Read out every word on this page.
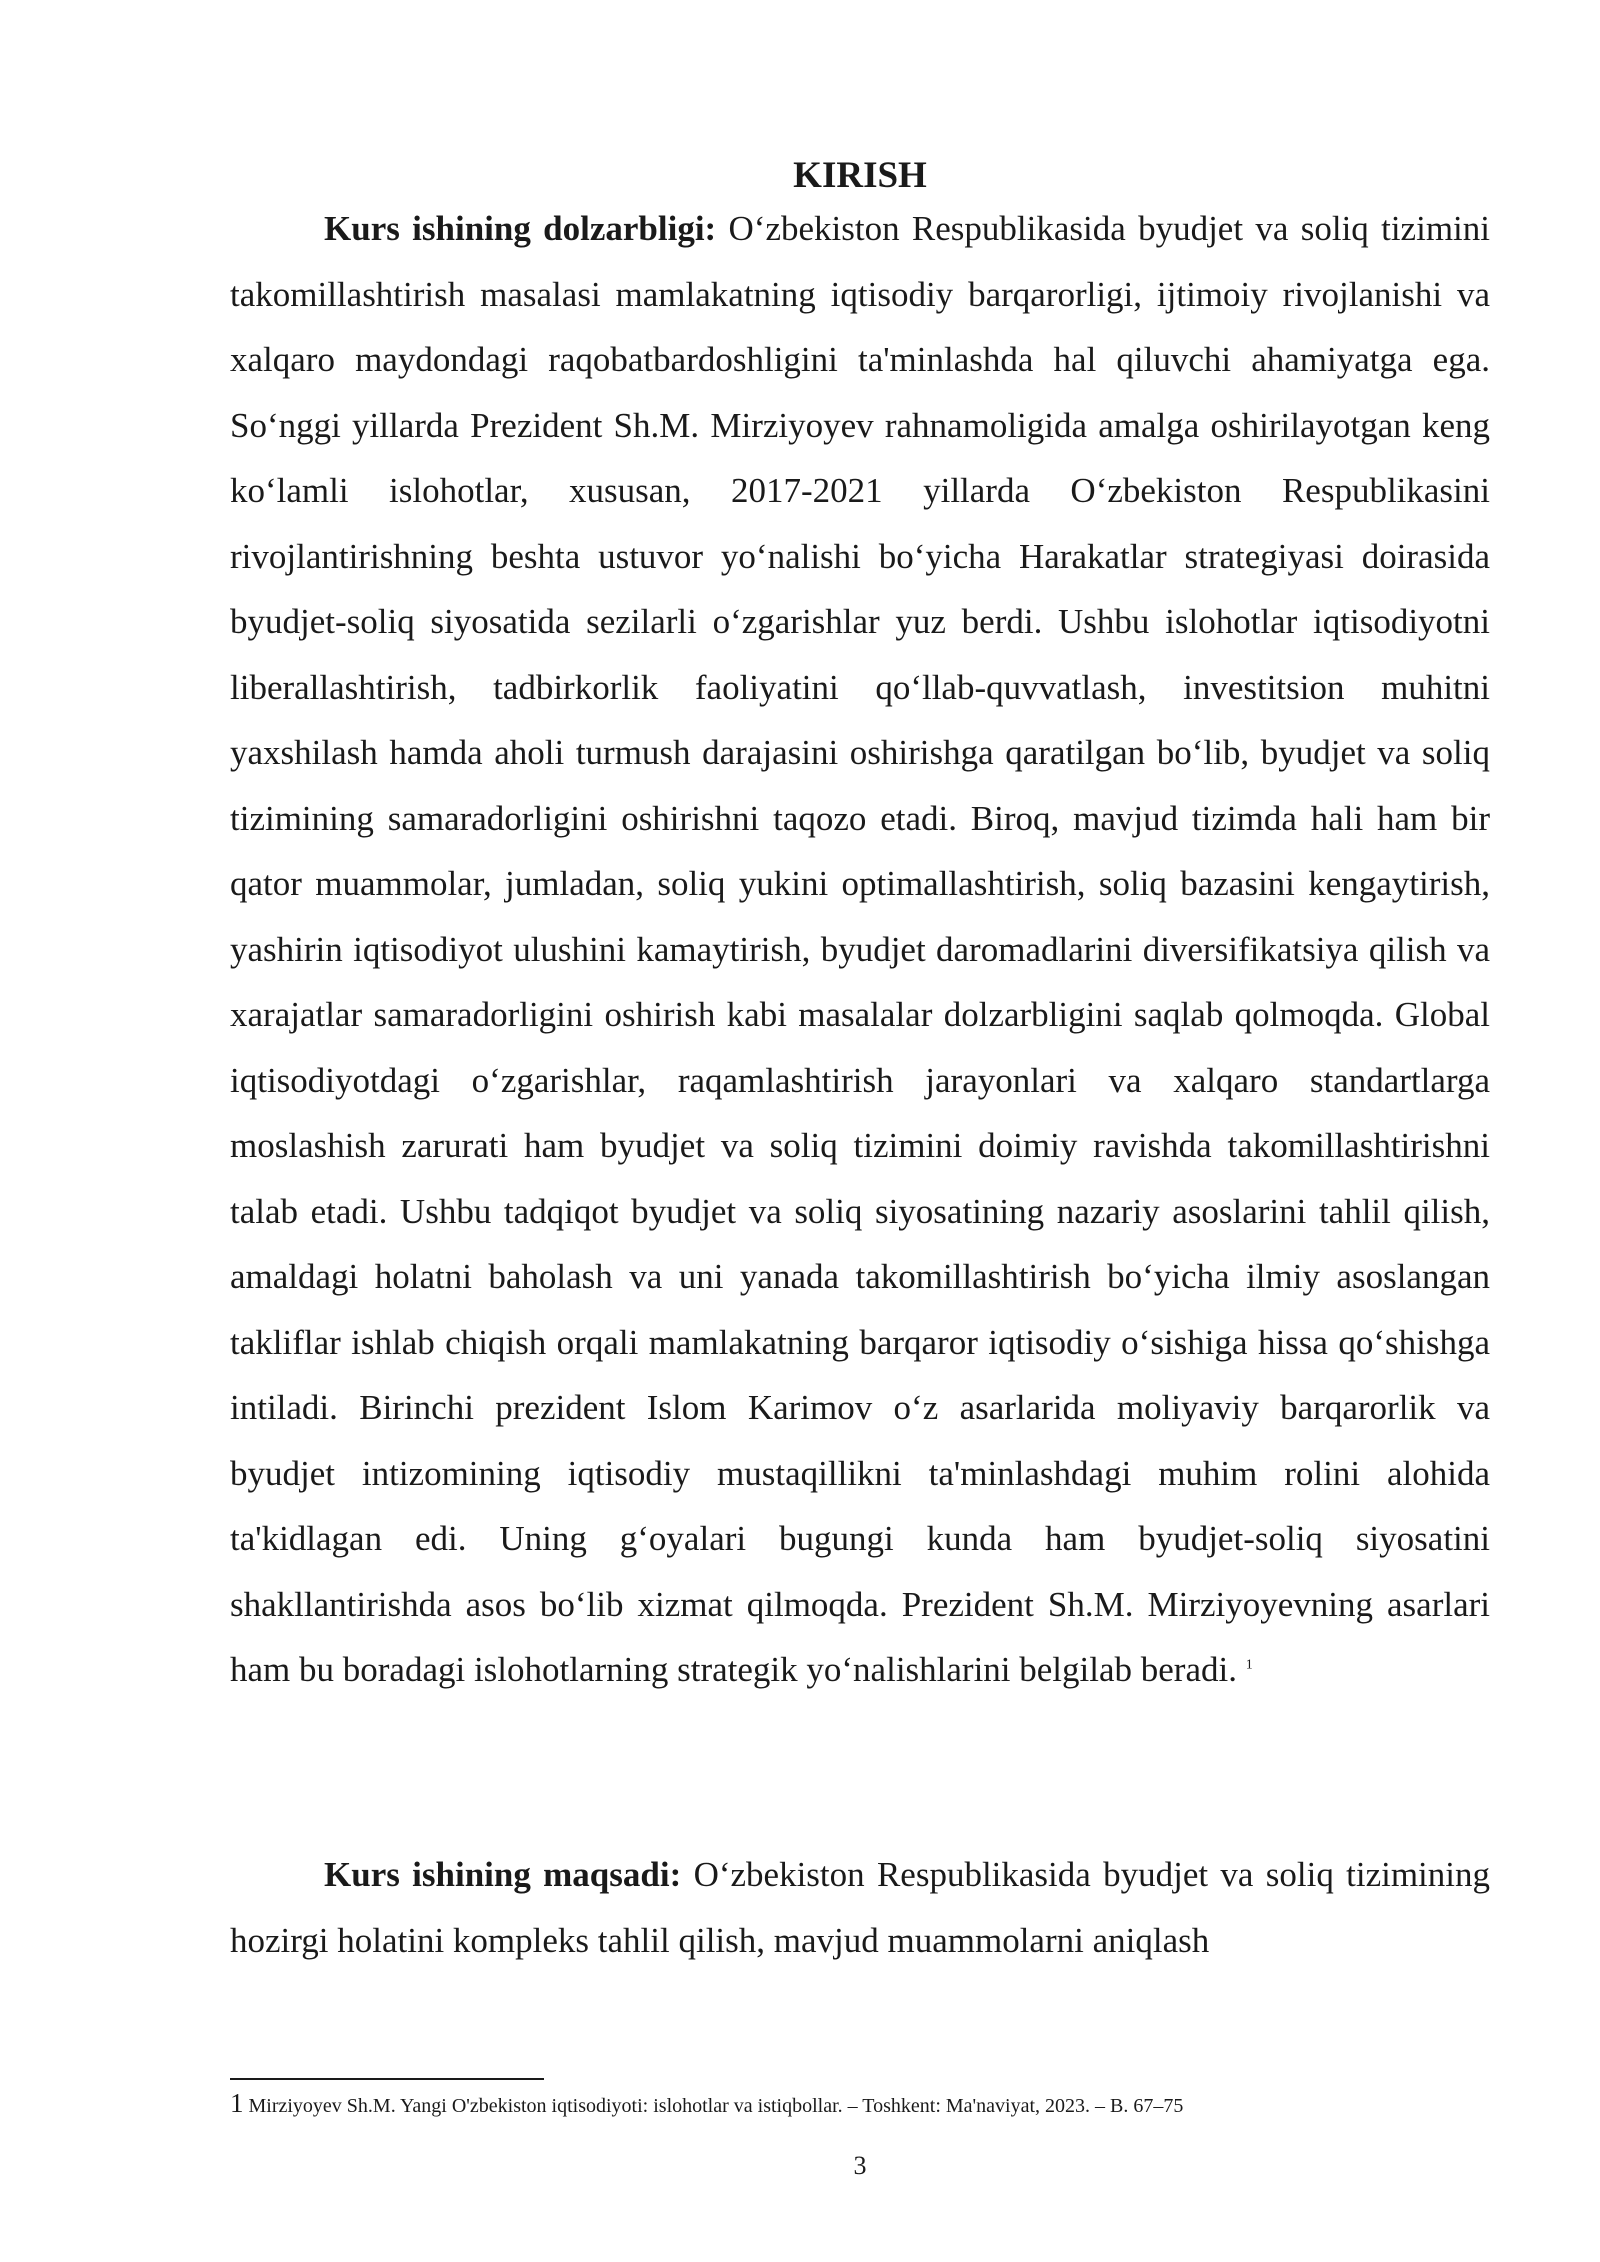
KIRISH

Kurs ishining dolzarbligi: O‘zbekiston Respublikasida byudjet va soliq tizimini takomillashtirish masalasi mamlakatning iqtisodiy barqarorligi, ijtimoiy rivojlanishi va xalqaro maydondagi raqobatbardoshligini ta'minlashda hal qiluvchi ahamiyatga ega. So‘nggi yillarda Prezident Sh.M. Mirziyoyev rahnamoligida amalga oshirilayotgan keng ko‘lamli islohotlar, xususan, 2017-2021 yillarda O‘zbekiston Respublikasini rivojlantirishning beshta ustuvor yo‘nalishi bo‘yicha Harakatlar strategiyasi doirasida byudjet-soliq siyosatida sezilarli o‘zgarishlar yuz berdi. Ushbu islohotlar iqtisodiyotni liberallashtirish, tadbirkorlik faoliyatini qo‘llab-quvvatlash, investitsion muhitni yaxshilash hamda aholi turmush darajasini oshirishga qaratilgan bo‘lib, byudjet va soliq tizimining samaradorligini oshirishni taqozo etadi. Biroq, mavjud tizimda hali ham bir qator muammolar, jumladan, soliq yukini optimallashtirish, soliq bazasini kengaytirish, yashirin iqtisodiyot ulushini kamaytirish, byudjet daromadlarini diversifikatsiya qilish va xarajatlar samaradorligini oshirish kabi masalalar dolzarbligini saqlab qolmoqda. Global iqtisodiyotdagi o‘zgarishlar, raqamlashtirish jarayonlari va xalqaro standartlarga moslashish zarurati ham byudjet va soliq tizimini doimiy ravishda takomillashtirishni talab etadi. Ushbu tadqiqot byudjet va soliq siyosatining nazariy asoslarini tahlil qilish, amaldagi holatni baholash va uni yanada takomillashtirish bo‘yicha ilmiy asoslangan takliflar ishlab chiqish orqali mamlakatning barqaror iqtisodiy o‘sishiga hissa qo‘shishga intiladi. Birinchi prezident Islom Karimov o‘z asarlarida moliyaviy barqarorlik va byudjet intizomining iqtisodiy mustaqillikni ta'minlashdagi muhim rolini alohida ta'kidlagan edi. Uning g‘oyalari bugungi kunda ham byudjet-soliq siyosatini shakllantirishda asos bo‘lib xizmat qilmoqda. Prezident Sh.M. Mirziyoyevning asarlari ham bu boradagi islohotlarning strategik yo‘nalishlarini belgilab beradi. $^1$

Kurs ishining maqsadi: O‘zbekiston Respublikasida byudjet va soliq tizimining hozirgi holatini kompleks tahlil qilish, mavjud muammolarni aniqlash

1 Mirziyoyev Sh.M. Yangi O'zbekiston iqtisodiyoti: islohotlar va istiqbollar. – Toshkent: Ma'naviyat, 2023. – B. 67–75

3
